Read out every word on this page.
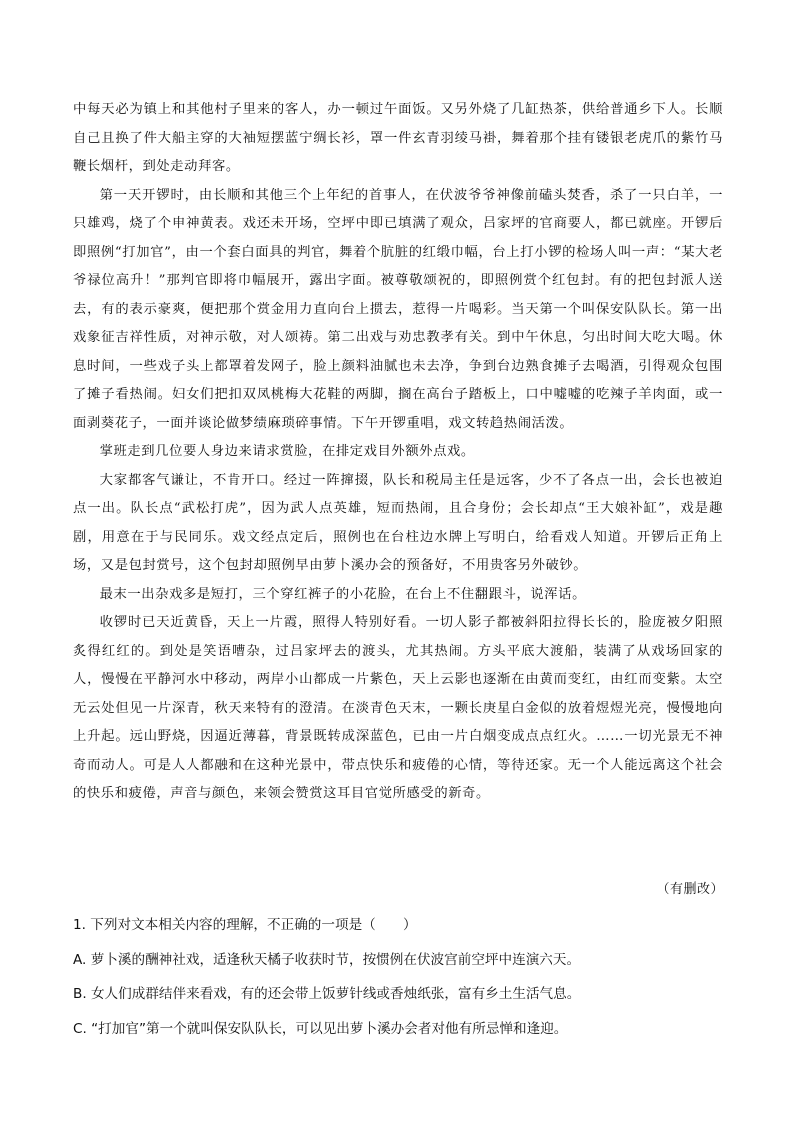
中每天必为镇上和其他村子里来的客人，办一顿过午面饭。又另外烧了几缸热茶，供给普通乡下人。长顺自己且换了件大船主穿的大袖短摆蓝宁绸长衫，罩一件玄青羽绫马褂，舞着那个挂有镂银老虎爪的紫竹马鞭长烟杆，到处走动拜客。

第一天开锣时，由长顺和其他三个上年纪的首事人，在伏波爷爷神像前磕头焚香，杀了一只白羊，一只雄鸡，烧了个申神黄表。戏还未开场，空坪中即已填满了观众，吕家坪的官商要人，都已就座。开锣后即照例“打加官”，由一个套白面具的判官，舞着个肮脏的红缎巾幅，台上打小锣的检场人叫一声：“某大老爷禄位高升！”那判官即将巾幅展开，露出字面。被尊敬颂祝的，即照例赏个红包封。有的把包封派人送去，有的表示豪爽，便把那个赏金用力直向台上掼去，惹得一片喝彩。当天第一个叫保安队队长。第一出戏象征吉祥性质，对神示敬，对人颂祷。第二出戏与劝忠教孝有关。到中午休息，匀出时间大吃大喝。休息时间，一些戏子头上都罩着发网子，脸上颜料油腻也未去净，争到台边熟食摊子去喝酒，引得观众包围了摊子看热闹。妇女们把扣双凤桃梅大花鞋的两脚，搁在高台子踏板上，口中嘘嘘的吃辣子羊肉面，或一面剥葵花子，一面并谈论做梦绩麻琐碎事情。下午开锣重唱，戏文转趋热闹活泼。

掌班走到几位要人身边来请求赏脸，在排定戏目外额外点戏。

大家都客气谦让，不肯开口。经过一阵撺掇，队长和税局主任是远客，少不了各点一出，会长也被迫点一出。队长点“武松打虎”，因为武人点英雄，短而热闹，且合身份；会长却点“王大娘补缸”，戏是趣剧，用意在于与民同乐。戏文经点定后，照例也在台柱边水牌上写明白，给看戏人知道。开锣后正角上场，又是包封赏号，这个包封却照例早由萝卜溪办会的预备好，不用贵客另外破钞。

最末一出杂戏多是短打，三个穿红裤子的小花脸，在台上不住翻跟斗，说浑话。

收锣时已天近黄昏，天上一片霞，照得人特别好看。一切人影子都被斜阳拉得长长的，脸庞被夕阳照炙得红红的。到处是笑语嘈杂，过吕家坪去的渡头，尤其热闹。方头平底大渡船，装满了从戏场回家的人，慢慢在平静河水中移动，两岸小山都成一片紫色，天上云影也逐渐在由黄而变红，由红而变紫。太空无云处但见一片深青，秋天来特有的澄清。在淡青色天末，一颗长庚星白金似的放着煜煜光亮，慢慢地向上升起。远山野烧，因逼近薄暮，背景既转成深蓝色，已由一片白烟变成点点红火。……一切光景无不神奇而动人。可是人人都融和在这种光景中，带点快乐和疲倦的心情，等待还家。无一个人能远离这个社会的快乐和疲倦，声音与颜色，来领会赞赏这耳目官觉所感受的新奇。

（有删改）

1. 下列对文本相关内容的理解，不正确的一项是（　　）

A. 萝卜溪的酬神社戏，适逢秋天橘子收获时节，按惯例在伏波宫前空坪中连演六天。

B. 女人们成群结伴来看戏，有的还会带上饭萝针线或香烛纸张，富有乡土生活气息。

C. “打加官”第一个就叫保安队队长，可以见出萝卜溪办会者对他有所忌惮和逢迎。
